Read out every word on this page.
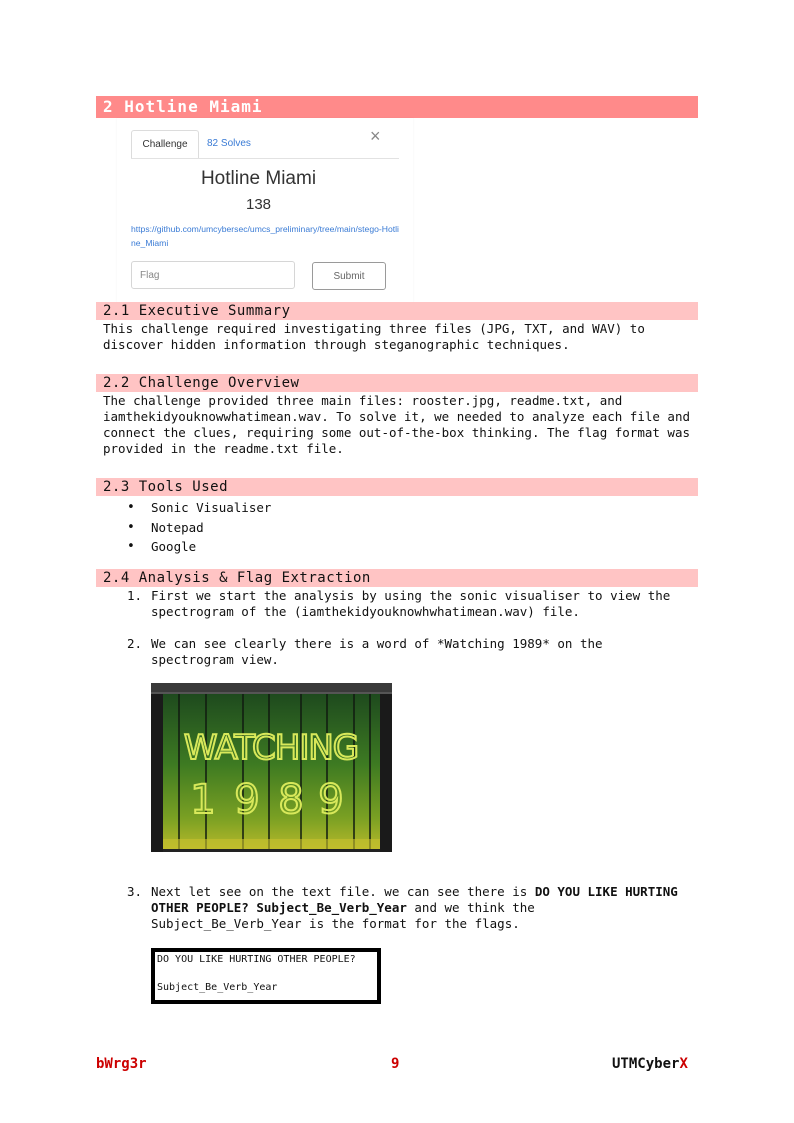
2 Hotline Miami
Challenge	82 Solves	×
Hotline Miami
138
https://github.com/umcybersec/umcs_preliminary/tree/main/stego-Hotline_Miami
Flag
Submit
2.1 Executive Summary

This challenge required investigating three files (JPG, TXT, and WAV) to discover hidden information through steganographic techniques.

2.2 Challenge Overview

The challenge provided three main files: rooster.jpg, readme.txt, and iamthekidyouknowwhatimean.wav. To solve it, we needed to analyze each file and connect the clues, requiring some out-of-the-box thinking. The flag format was provided in the readme.txt file.

2.3 Tools Used
• Sonic Visualiser
• Notepad
• Google
2.4 Analysis & Flag Extraction
1. First we start the analysis by using the sonic visualiser to view the spectrogram of the (iamthekidyouknowhwhatimean.wav) file.

2. We can see clearly there is a word of *Watching 1989* on the spectrogram view.

WATCHING
1 9 8 9
3. Next let see on the text file. we can see there is DO YOU LIKE HURTING OTHER PEOPLE? Subject_Be_Verb_Year and we think the Subject_Be_Verb_Year is the format for the flags.

DO YOU LIKE HURTING OTHER PEOPLE?
Subject_Be_Verb_Year
bWrg3r	9	UTMCyberX
